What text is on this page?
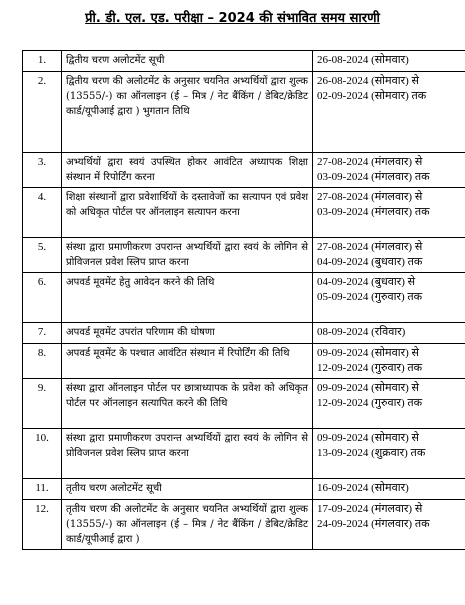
प्री. डी. एल. एड. परीक्षा – 2024 की संभावित समय सारणी
1.	द्वितीय चरण अलोटमेंट सूची	26-08-2024 (सोमवार)

2.	द्वितीय चरण की अलोटमेंट के अनुसार चयनित अभ्यर्थियों द्वारा शुल्क (13555/-) का ऑनलाइन (ई – मित्र / नेट बैंकिंग / डेबिट/क्रेडिट कार्ड/यूपीआई द्वारा ) भुगतान तिथि	26-08-2024 (सोमवार) से
02-09-2024 (सोमवार) तक

3.	अभ्यर्थियों द्वारा स्वयं उपस्थित होकर आवंटित अध्यापक शिक्षा संस्थान में रिपोर्टिंग करना	27-08-2024 (मंगलवार) से
03-09-2024 (मंगलवार) तक

4.	शिक्षा संस्थानों द्वारा प्रवेशार्थियों के दस्तावेजों का सत्यापन एवं प्रवेश को अधिकृत पोर्टल पर ऑनलाइन सत्यापन करना	27-08-2024 (मंगलवार) से
03-09-2024 (मंगलवार) तक

5.	संस्था द्वारा प्रमाणीकरण उपरान्त अभ्यर्थियों द्वारा स्वयं के लोगिन से प्रोविजनल प्रवेश स्लिप प्राप्त करना	27-08-2024 (मंगलवार) से
04-09-2024 (बुधवार) तक

6.	अपवर्ड मूवमेंट हेतु आवेदन करने की तिथि	04-09-2024 (बुधवार) से
05-09-2024 (गुरुवार) तक

7.	अपवर्ड मूवमेंट उपरांत परिणाम की घोषणा	08-09-2024 (रविवार)

8.	अपवर्ड मूवमेंट के पश्चात आवंटित संस्थान में रिपोर्टिंग की तिथि	09-09-2024 (सोमवार) से
12-09-2024 (गुरुवार) तक

9.	संस्था द्वारा ऑनलाइन पोर्टल पर छात्राध्यापक के प्रवेश को अधिकृत पोर्टल पर ऑनलाइन सत्यापित करने की तिथि	09-09-2024 (सोमवार) से
12-09-2024 (गुरुवार) तक

10.	संस्था द्वारा प्रमाणीकरण उपरान्त अभ्यर्थियों द्वारा स्वयं के लोगिन से प्रोविजनल प्रवेश स्लिप प्राप्त करना	09-09-2024 (सोमवार) से
13-09-2024 (शुक्रवार) तक

11.	तृतीय चरण अलोटमेंट सूची	16-09-2024 (सोमवार)

12.	तृतीय चरण की अलोटमेंट के अनुसार चयनित अभ्यर्थियों द्वारा शुल्क (13555/-) का ऑनलाइन (ई – मित्र / नेट बैंकिंग / डेबिट/क्रेडिट कार्ड/यूपीआई द्वारा )	17-09-2024 (मंगलवार) से
24-09-2024 (मंगलवार) तक
